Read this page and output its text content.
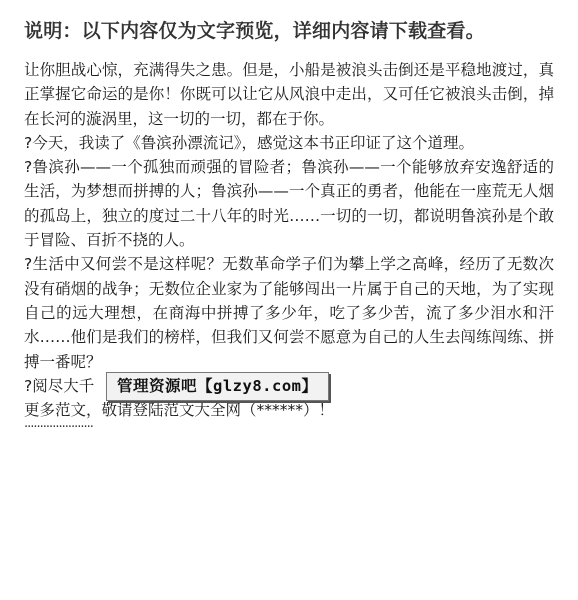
说明：以下内容仅为文字预览，详细内容请下载查看。

让你胆战心惊，充满得失之患。但是，小船是被浪头击倒还是平稳地渡过，真正掌握它命运的是你！你既可以让它从风浪中走出，又可任它被浪头击倒，掉在长河的漩涡里，这一切的一切，都在于你。

?今天，我读了《鲁滨孙漂流记》，感觉这本书正印证了这个道理。

?鲁滨孙——一个孤独而顽强的冒险者；鲁滨孙——一个能够放弃安逸舒适的生活，为梦想而拼搏的人；鲁滨孙——一个真正的勇者，他能在一座荒无人烟的孤岛上，独立的度过二十八年的时光……一切的一切，都说明鲁滨孙是个敢于冒险、百折不挠的人。

?生活中又何尝不是这样呢？无数革命学子们为攀上学之高峰，经历了无数次没有硝烟的战争；无数位企业家为了能够闯出一片属于自己的天地，为了实现自己的远大理想，在商海中拼搏了多少年，吃了多少苦，流了多少泪水和汗水……他们是我们的榜样，但我们又何尝不愿意为自己的人生去闯练闯练、拼搏一番呢？

?阅尽大千	管理资源吧【glzy8.com】

更多范文，敬请登陆范文大全网（******）！

······················
